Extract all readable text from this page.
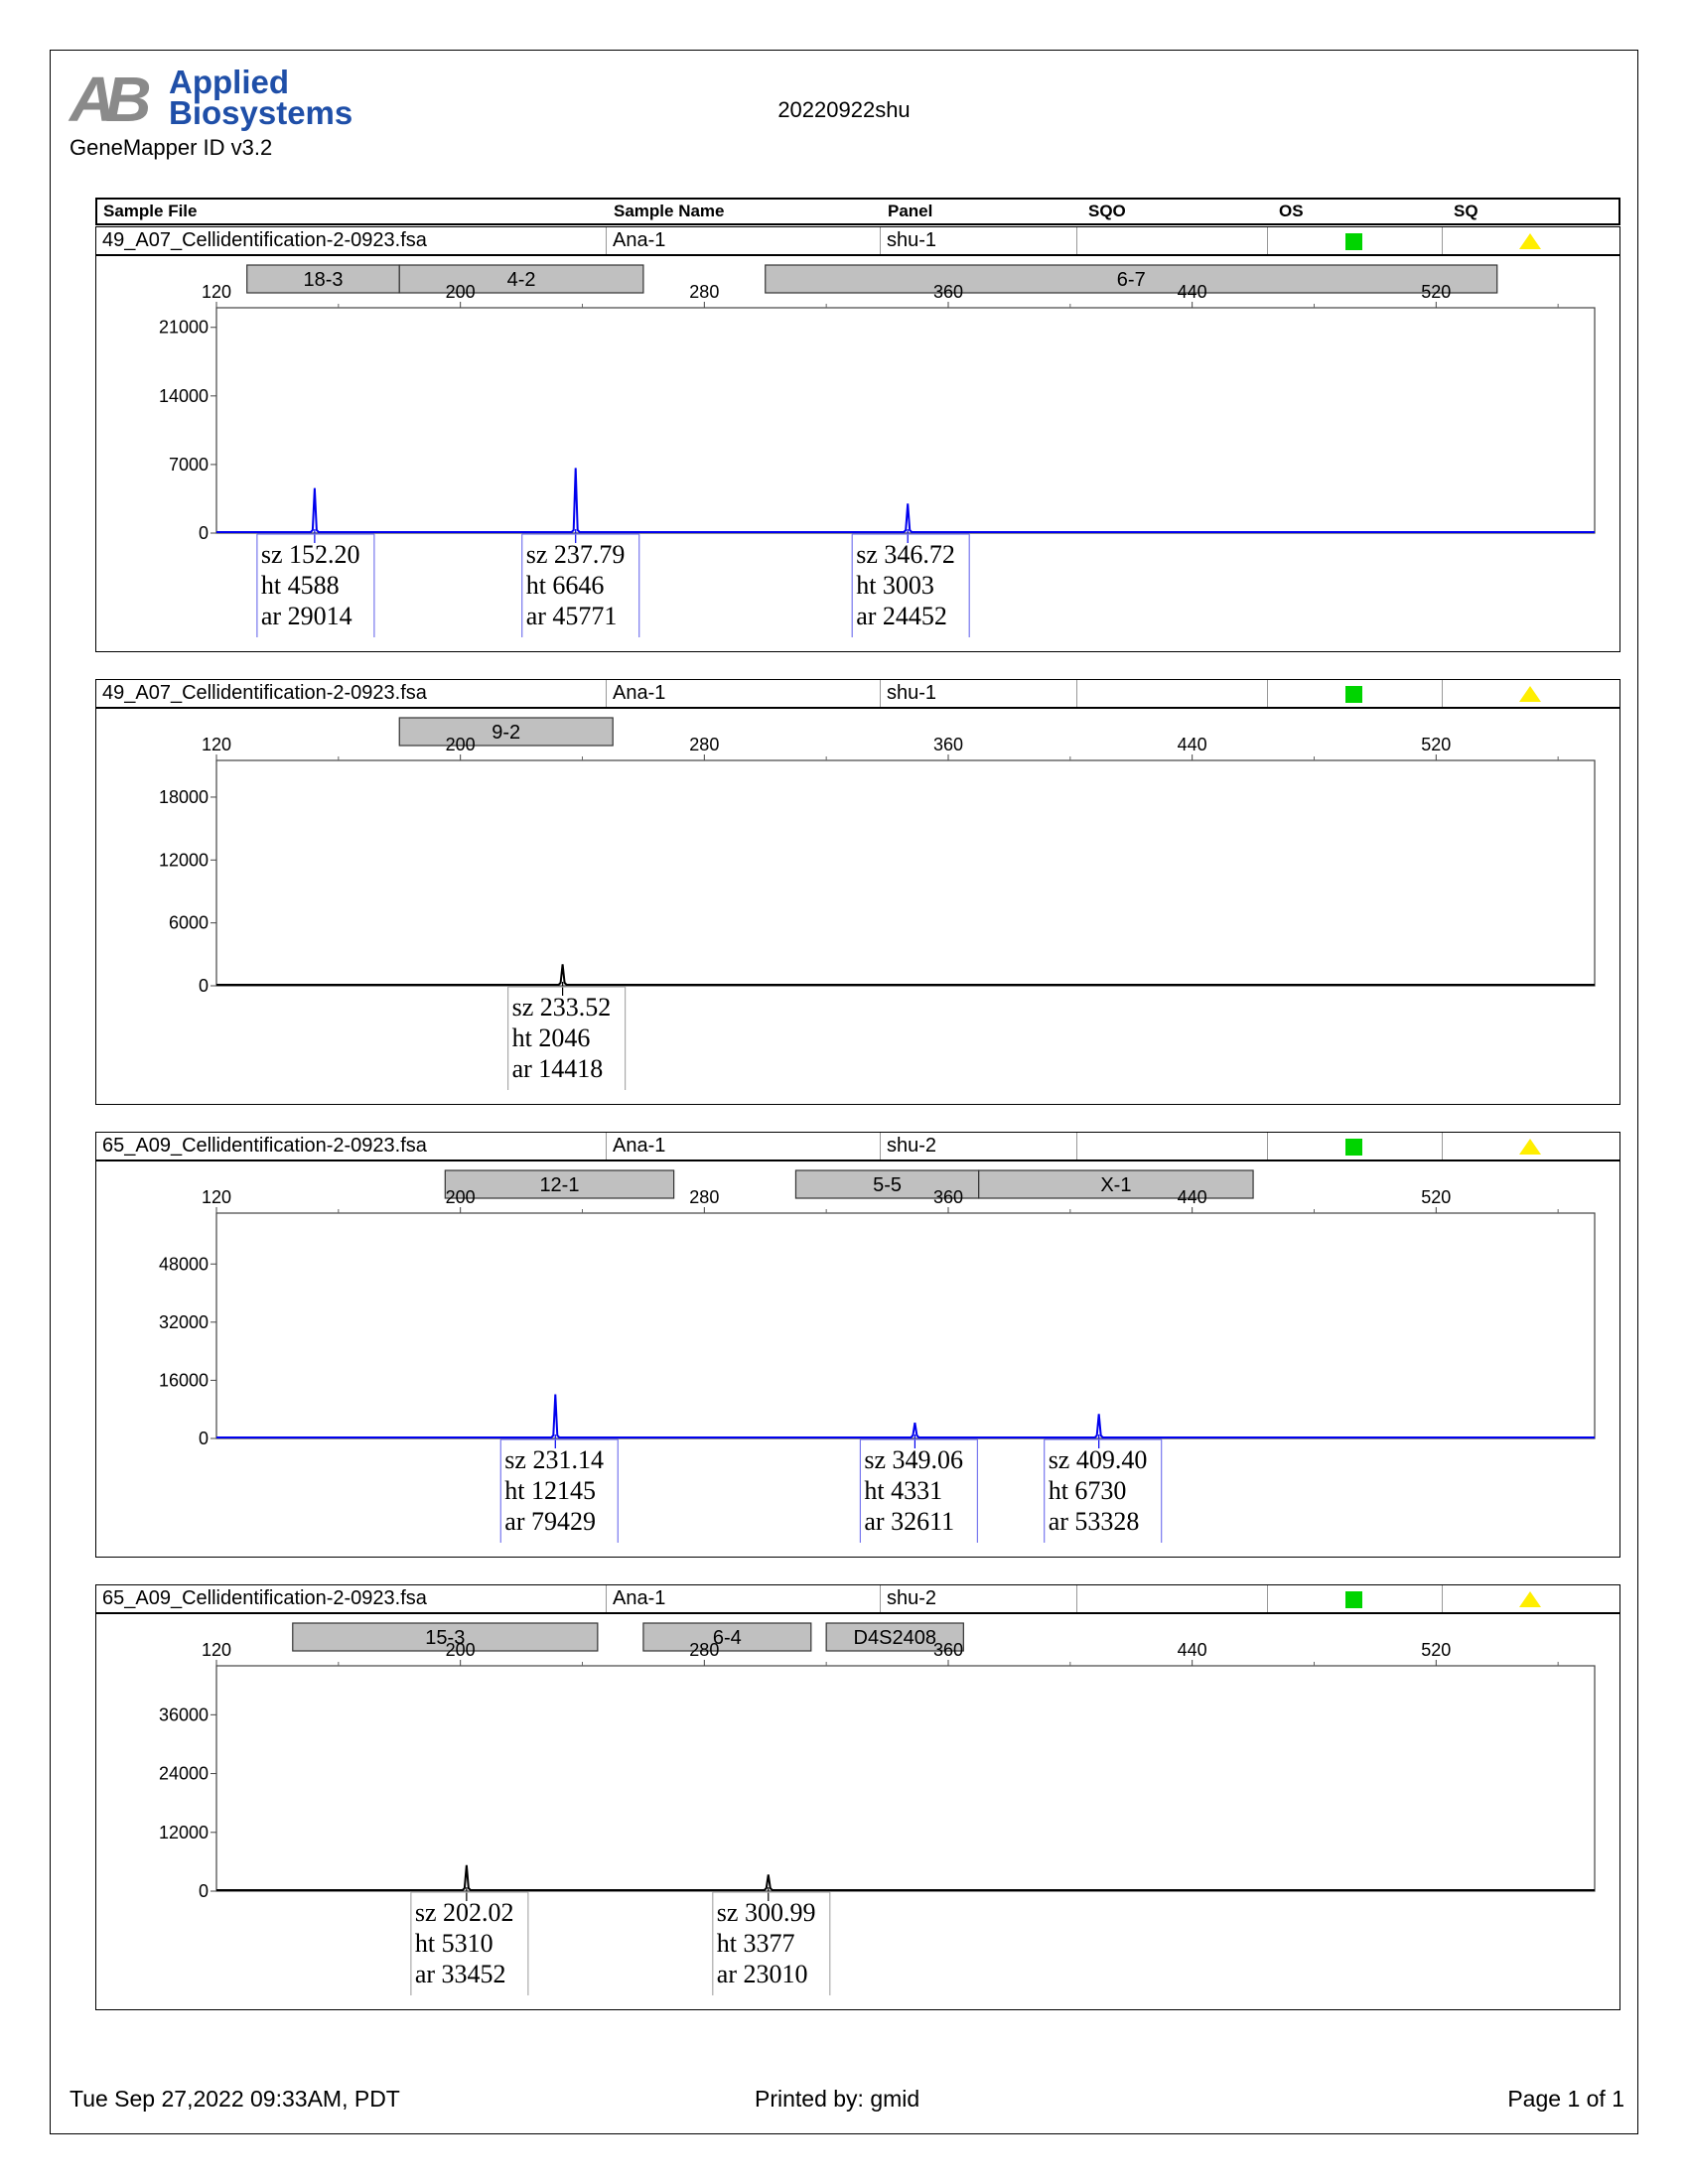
AB Applied
Biosystems
GeneMapper ID v3.2
20220922shu
Sample File	Sample Name	Panel	SQO	OS	SQ
49_A07_Cellidentification-2-0923.fsa	Ana-1	shu-1
18-3	4-2	6-7
120	200	280	360	440	520
0
7000
14000
21000
sz 152.20
ht 4588
ar 29014
sz 237.79
ht 6646
ar 45771
sz 346.72
ht 3003
ar 24452
49_A07_Cellidentification-2-0923.fsa	Ana-1	shu-1
9-2
120	200	280	360	440	520
0
6000
12000
18000
sz 233.52
ht 2046
ar 14418
65_A09_Cellidentification-2-0923.fsa	Ana-1	shu-2
12-1	5-5	X-1
120	200	280	360	440	520
0
16000
32000
48000
sz 231.14
ht 12145
ar 79429
sz 349.06
ht 4331
ar 32611
sz 409.40
ht 6730
ar 53328
65_A09_Cellidentification-2-0923.fsa	Ana-1	shu-2
15-3	6-4	D4S2408
120	200	280	360	440	520
0
12000
24000
36000
sz 202.02
ht 5310
ar 33452
sz 300.99
ht 3377
ar 23010
Tue Sep 27,2022 09:33AM, PDT	Printed by: gmid	Page 1 of 1
